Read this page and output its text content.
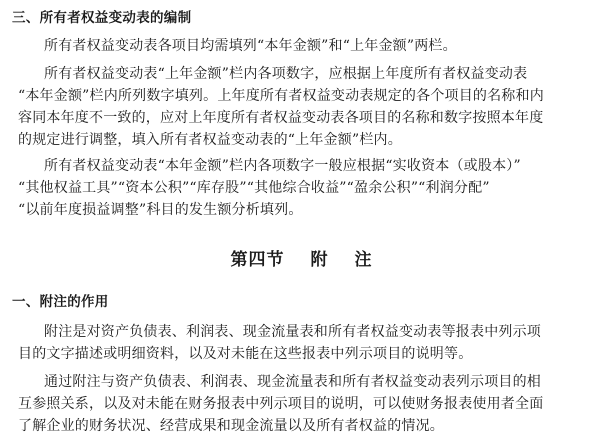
三、所有者权益变动表的编制
所有者权益变动表各项目均需填列“本年金额”和“上年金额”两栏。
所有者权益变动表“上年金额”栏内各项数字，应根据上年度所有者权益变动表
“本年金额”栏内所列数字填列。上年度所有者权益变动表规定的各个项目的名称和内
容同本年度不一致的，应对上年度所有者权益变动表各项目的名称和数字按照本年度
的规定进行调整，填入所有者权益变动表的“上年金额”栏内。
所有者权益变动表“本年金额”栏内各项数字一般应根据“实收资本（或股本）”
“其他权益工具”“资本公积”“库存股”“其他综合收益”“盈余公积”“利润分配”
“以前年度损益调整”科目的发生额分析填列。
第四节 附 注
一、附注的作用
附注是对资产负债表、利润表、现金流量表和所有者权益变动表等报表中列示项
目的文字描述或明细资料，以及对未能在这些报表中列示项目的说明等。
通过附注与资产负债表、利润表、现金流量表和所有者权益变动表列示项目的相
互参照关系，以及对未能在财务报表中列示项目的说明，可以使财务报表使用者全面
了解企业的财务状况、经营成果和现金流量以及所有者权益的情况。
